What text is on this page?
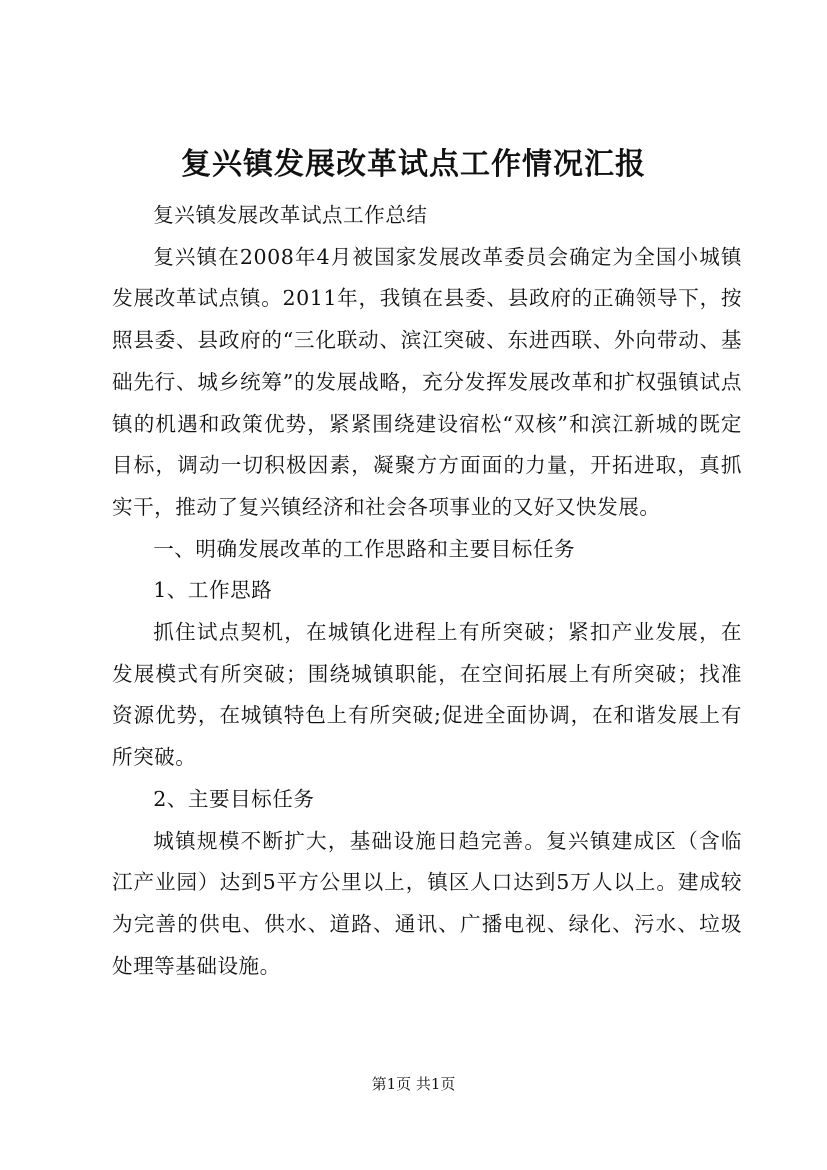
复兴镇发展改革试点工作情况汇报

复兴镇发展改革试点工作总结

复兴镇在2008年4月被国家发展改革委员会确定为全国小城镇发展改革试点镇。2011年，我镇在县委、县政府的正确领导下，按照县委、县政府的“三化联动、滨江突破、东进西联、外向带动、基础先行、城乡统筹”的发展战略，充分发挥发展改革和扩权强镇试点镇的机遇和政策优势，紧紧围绕建设宿松“双核”和滨江新城的既定目标，调动一切积极因素，凝聚方方面面的力量，开拓进取，真抓实干，推动了复兴镇经济和社会各项事业的又好又快发展。

一、明确发展改革的工作思路和主要目标任务

1、工作思路

抓住试点契机，在城镇化进程上有所突破；紧扣产业发展，在发展模式有所突破；围绕城镇职能，在空间拓展上有所突破；找准资源优势，在城镇特色上有所突破;促进全面协调，在和谐发展上有所突破。

2、主要目标任务

城镇规模不断扩大，基础设施日趋完善。复兴镇建成区（含临江产业园）达到5平方公里以上，镇区人口达到5万人以上。建成较为完善的供电、供水、道路、通讯、广播电视、绿化、污水、垃圾处理等基础设施。

第1页 共1页
